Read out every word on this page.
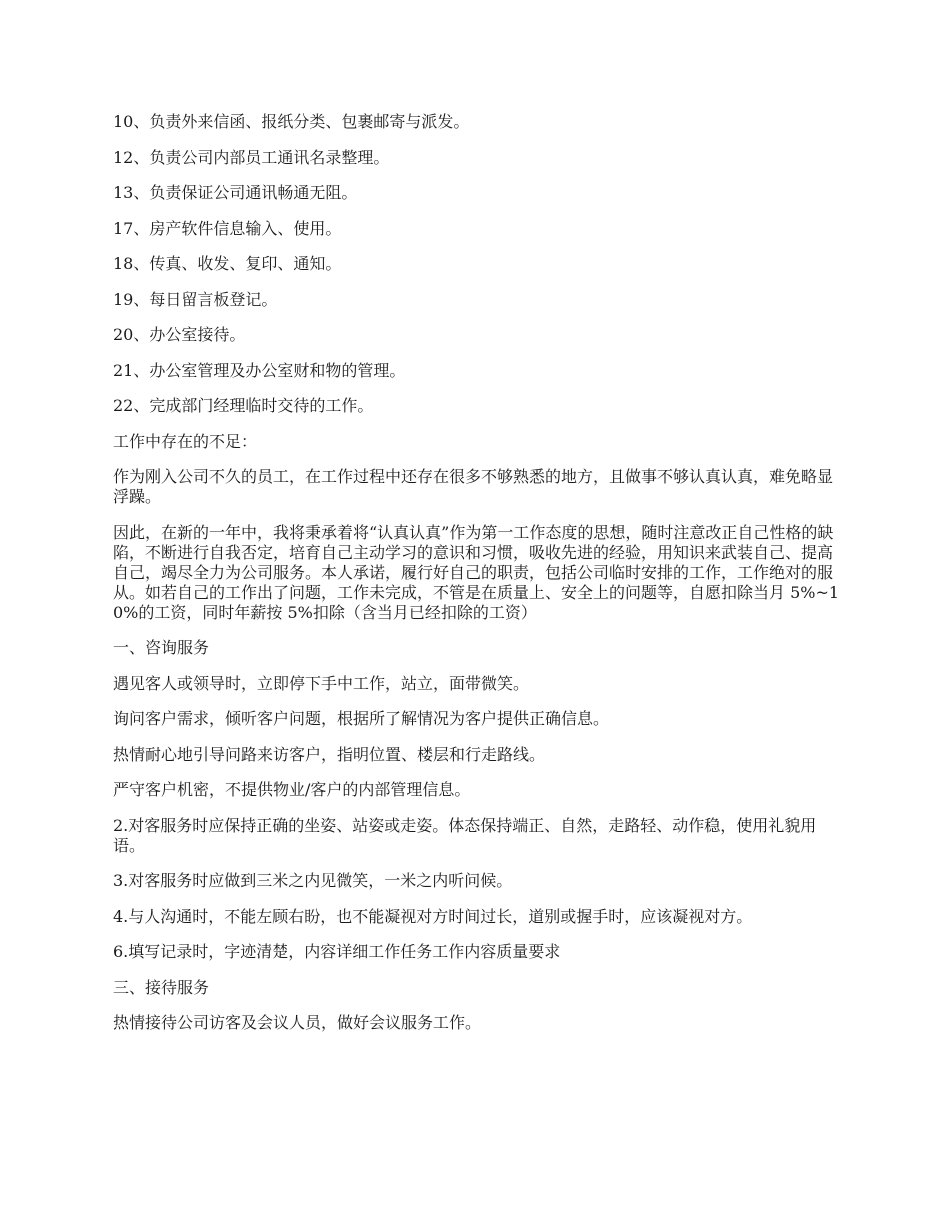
10、负责外来信函、报纸分类、包裹邮寄与派发。

12、负责公司内部员工通讯名录整理。

13、负责保证公司通讯畅通无阻。

17、房产软件信息输入、使用。

18、传真、收发、复印、通知。

19、每日留言板登记。

20、办公室接待。

21、办公室管理及办公室财和物的管理。

22、完成部门经理临时交待的工作。

工作中存在的不足：

作为刚入公司不久的员工，在工作过程中还存在很多不够熟悉的地方，且做事不够认真认真，难免略显浮躁。

因此，在新的一年中，我将秉承着将“认真认真”作为第一工作态度的思想，随时注意改正自己性格的缺陷，不断进行自我否定，培育自己主动学习的意识和习惯，吸收先进的经验，用知识来武装自己、提高自己，竭尽全力为公司服务。本人承诺，履行好自己的职责，包括公司临时安排的工作，工作绝对的服从。如若自己的工作出了问题，工作未完成，不管是在质量上、安全上的问题等，自愿扣除当月 5%~10%的工资，同时年薪按 5%扣除（含当月已经扣除的工资）

一、咨询服务

遇见客人或领导时，立即停下手中工作，站立，面带微笑。

询问客户需求，倾听客户问题，根据所了解情况为客户提供正确信息。

热情耐心地引导问路来访客户，指明位置、楼层和行走路线。

严守客户机密，不提供物业/客户的内部管理信息。

2.对客服务时应保持正确的坐姿、站姿或走姿。体态保持端正、自然，走路轻、动作稳，使用礼貌用语。

3.对客服务时应做到三米之内见微笑，一米之内听问候。

4.与人沟通时，不能左顾右盼，也不能凝视对方时间过长，道别或握手时，应该凝视对方。

6.填写记录时，字迹清楚，内容详细工作任务工作内容质量要求

三、接待服务

热情接待公司访客及会议人员，做好会议服务工作。
